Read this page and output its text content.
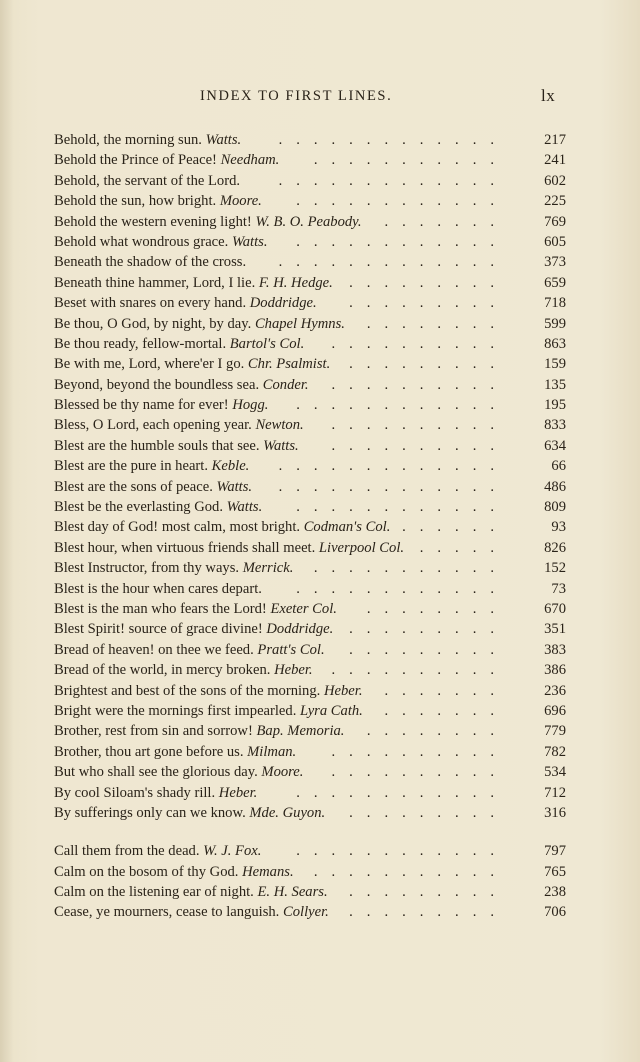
INDEX TO FIRST LINES.	lx
Behold, the morning sun. Watts.	217
.............
Behold the Prince of Peace! Needham.	241
...........
Behold, the servant of the Lord.	602
.............
Behold the sun, how bright. Moore.	225
............
Behold the western evening light! W. B. O. Peabody.	769
.......
Behold what wondrous grace. Watts.	605
............
Beneath the shadow of the cross.	373
.............
Beneath thine hammer, Lord, I lie. F. H. Hedge.	659
.........
Beset with snares on every hand. Doddridge.	718
.........
Be thou, O God, by night, by day. Chapel Hymns.	599
........
Be thou ready, fellow-mortal. Bartol's Col.	863
..........
Be with me, Lord, where'er I go. Chr. Psalmist.	159
.........
Beyond, beyond the boundless sea. Conder.	135
..........
Blessed be thy name for ever! Hogg.	195
............
Bless, O Lord, each opening year. Newton.	833
..........
Blest are the humble souls that see. Watts.	634
..........
Blest are the pure in heart. Keble.	66
.............
Blest are the sons of peace. Watts.	486
.............
Blest be the everlasting God. Watts.	809
............
Blest day of God! most calm, most bright. Codman's Col.	93
......
Blest hour, when virtuous friends shall meet. Liverpool Col.	826
.....
Blest Instructor, from thy ways. Merrick.	152
...........
Blest is the hour when cares depart.	73
............
Blest is the man who fears the Lord! Exeter Col.	670
........
Blest Spirit! source of grace divine! Doddridge.	351
.........
Bread of heaven! on thee we feed. Pratt's Col.	383
.........
Bread of the world, in mercy broken. Heber.	386
..........
Brightest and best of the sons of the morning. Heber.	236
.......
Bright were the mornings first impearled. Lyra Cath.	696
.......
Brother, rest from sin and sorrow! Bap. Memoria.	779
........
Brother, thou art gone before us. Milman.	782
..........
But who shall see the glorious day. Moore.	534
..........
By cool Siloam's shady rill. Heber.	712
............
By sufferings only can we know. Mde. Guyon.	316
.........
Call them from the dead. W. J. Fox.	797
............
Calm on the bosom of thy God. Hemans.	765
...........
Calm on the listening ear of night. E. H. Sears.	238
.........
Cease, ye mourners, cease to languish. Collyer.	706
.........
